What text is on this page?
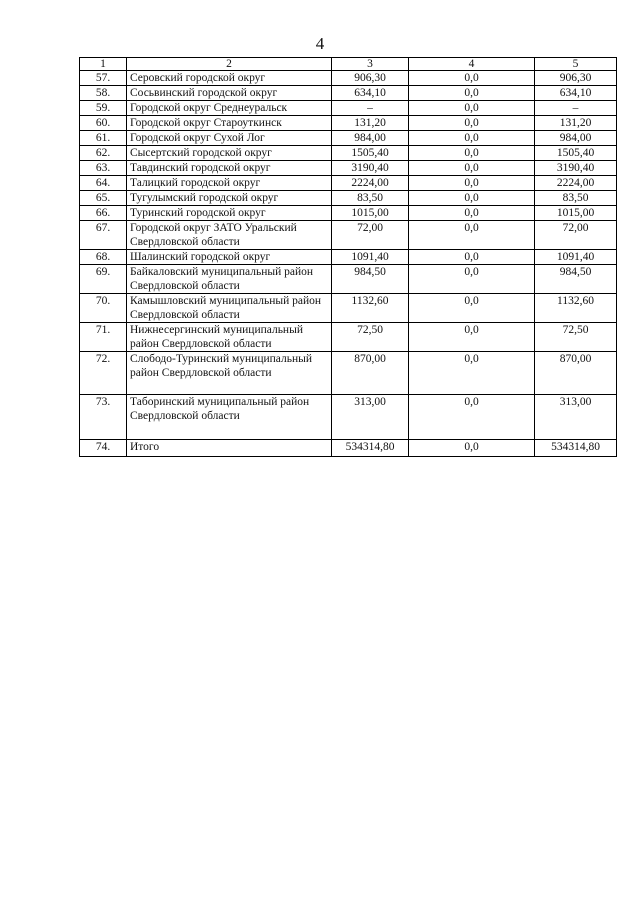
4
1	2	3	4	5
57.	Серовский городской округ	906,30	0,0	906,30
58.	Сосьвинский городской округ	634,10	0,0	634,10
59.	Городской округ Среднеуральск	–	0,0	–
60.	Городской округ Староуткинск	131,20	0,0	131,20
61.	Городской округ Сухой Лог	984,00	0,0	984,00
62.	Сысертский городской округ	1505,40	0,0	1505,40
63.	Тавдинский городской округ	3190,40	0,0	3190,40
64.	Талицкий городской округ	2224,00	0,0	2224,00
65.	Тугулымский городской округ	83,50	0,0	83,50
66.	Туринский городской округ	1015,00	0,0	1015,00
67.	Городской округ ЗАТО Уральский Свердловской области	72,00	0,0	72,00
68.	Шалинский городской округ	1091,40	0,0	1091,40
69.	Байкаловский муниципальный район Свердловской области	984,50	0,0	984,50
70.	Камышловский муниципальный район Свердловской области	1132,60	0,0	1132,60
71.	Нижнесергинский муниципальный район Свердловской области	72,50	0,0	72,50
72.	Слободо-Туринский муниципальный район Свердловской области	870,00	0,0	870,00
73.	Таборинский муниципальный район Свердловской области	313,00	0,0	313,00
74.	Итого	534314,80	0,0	534314,80
